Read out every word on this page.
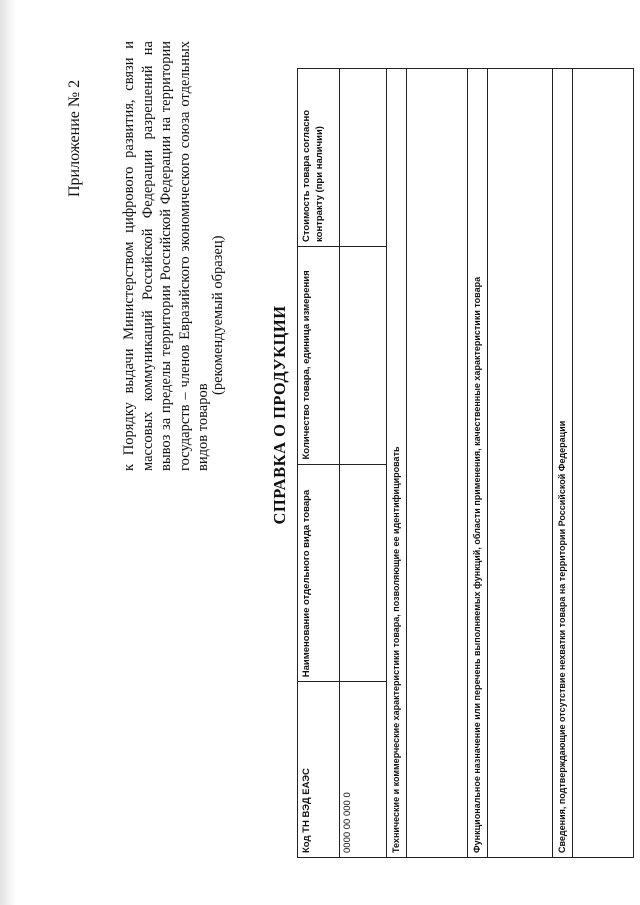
Приложение № 2	к Порядку выдачи Министерством цифрового развития, связи и массовых коммуникаций Российской Федерации разрешений на вывоз за пределы территории Российской Федерации на территории государств – членов Евразийского экономического союза отдельных видов товаров
(рекомендуемый образец)	СПРАВКА О ПРОДУКЦИИ
Код ТН ВЭД ЕАЭС	Наименование отдельного вида товара	Количество товара, единица измерения	Стоимость товара согласно контракту (при наличии)
0000 00 000 0			
Технические и коммерческие характеристики товара, позволяющие ее идентифицировать			

Функциональное назначение или перечень выполняемых функций, области применения, качественные характеристики товара			

Сведения, подтверждающие отсутствие нехватки товара на территории Российской Федерации			
